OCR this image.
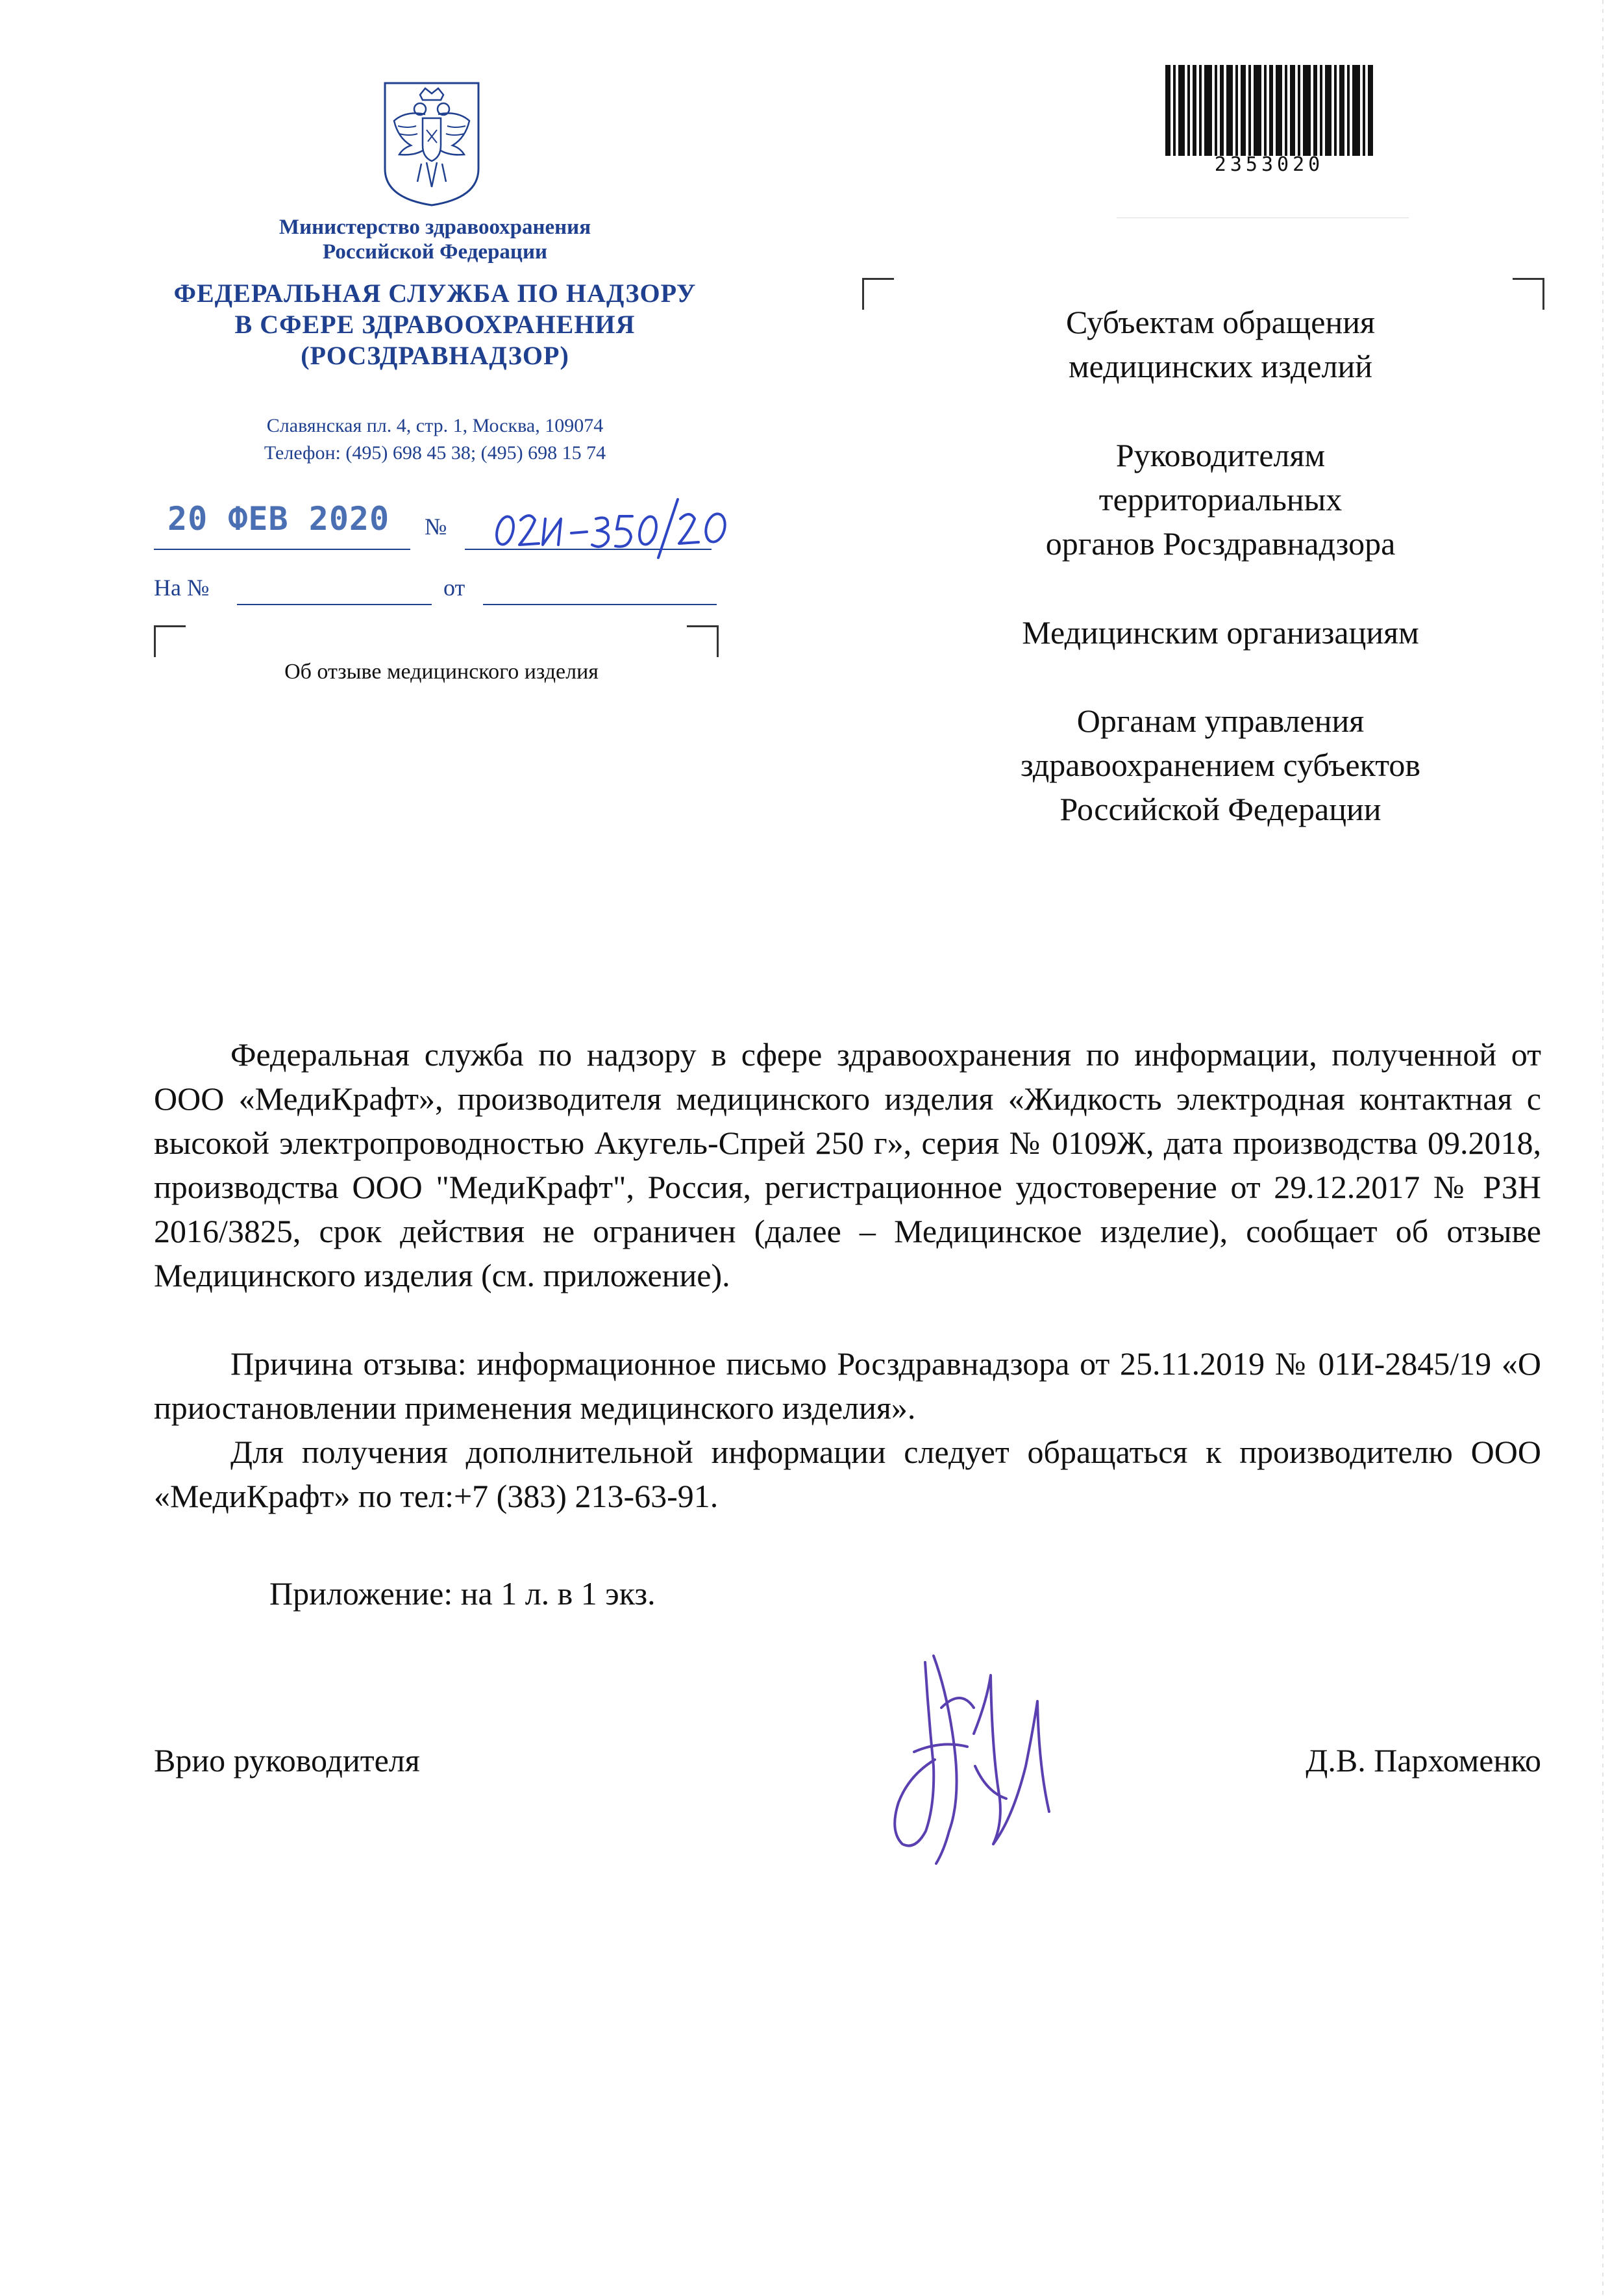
Министерство здравоохранения
Российской Федерации
ФЕДЕРАЛЬНАЯ СЛУЖБА ПО НАДЗОРУ
В СФЕРЕ ЗДРАВООХРАНЕНИЯ
(РОСЗДРАВНАДЗОР)
Славянская пл. 4, стр. 1, Москва, 109074
Телефон: (495) 698 45 38; (495) 698 15 74
20 ФЕВ 2020 №
На №	от
Об отзыве медицинского изделия
2353020
Субъектам обращения
медицинских изделий
Руководителям
территориальных
органов Росздравнадзора
Медицинским организациям
Органам управления
здравоохранением субъектов
Российской Федерации

Федеральная служба по надзору в сфере здравоохранения по информации, полученной от ООО «МедиКрафт», производителя медицинского изделия «Жидкость электродная контактная с высокой электропроводностью Акугель-Спрей 250 г», серия № 0109Ж, дата производства 09.2018, производства ООО "МедиКрафт", Россия, регистрационное удостоверение от 29.12.2017 № РЗН 2016/3825, срок действия не ограничен (далее – Медицинское изделие), сообщает об отзыве Медицинского изделия (см. приложение).

Причина отзыва: информационное письмо Росздравнадзора от 25.11.2019 № 01И-2845/19 «О приостановлении применения медицинского изделия».

Для получения дополнительной информации следует обращаться к производителю ООО «МедиКрафт» по тел:+7 (383) 213-63-91.

Приложение: на 1 л. в 1 экз.
Врио руководителя	Д.В. Пархоменко
